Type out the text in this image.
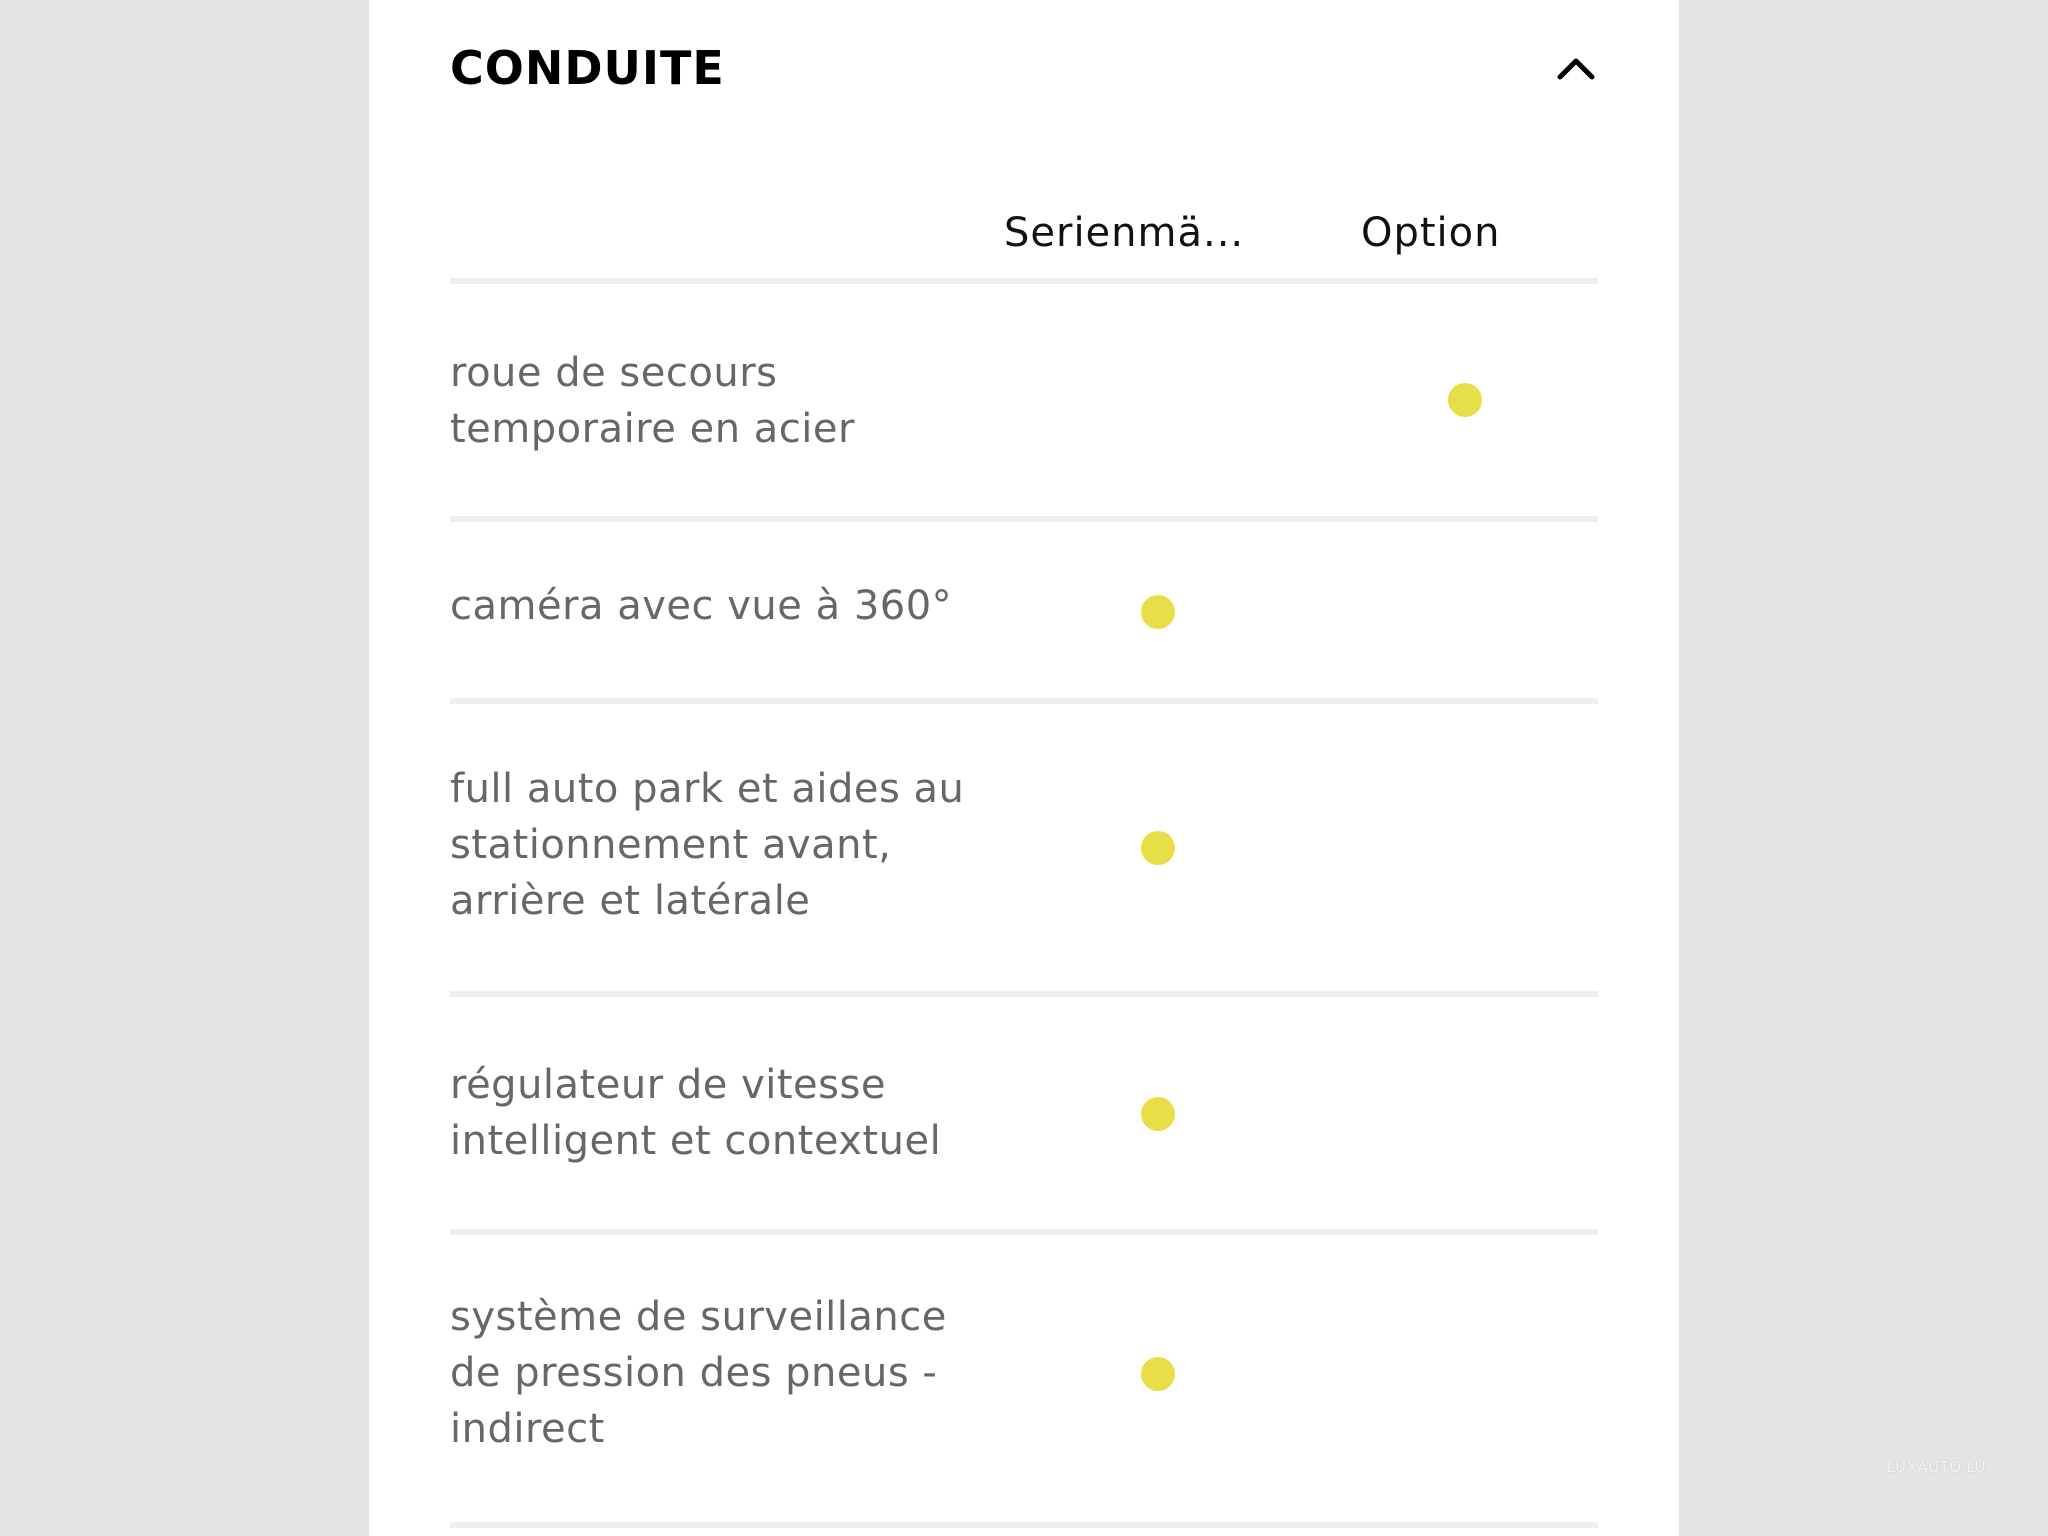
CONDUITE
Serienmä...	Option
roue de secours
temporaire en acier
caméra avec vue à 360°
full auto park et aides au
stationnement avant,
arrière et latérale
régulateur de vitesse
intelligent et contextuel
système de surveillance
de pression des pneus -
indirect
LUXAUTO.LU
